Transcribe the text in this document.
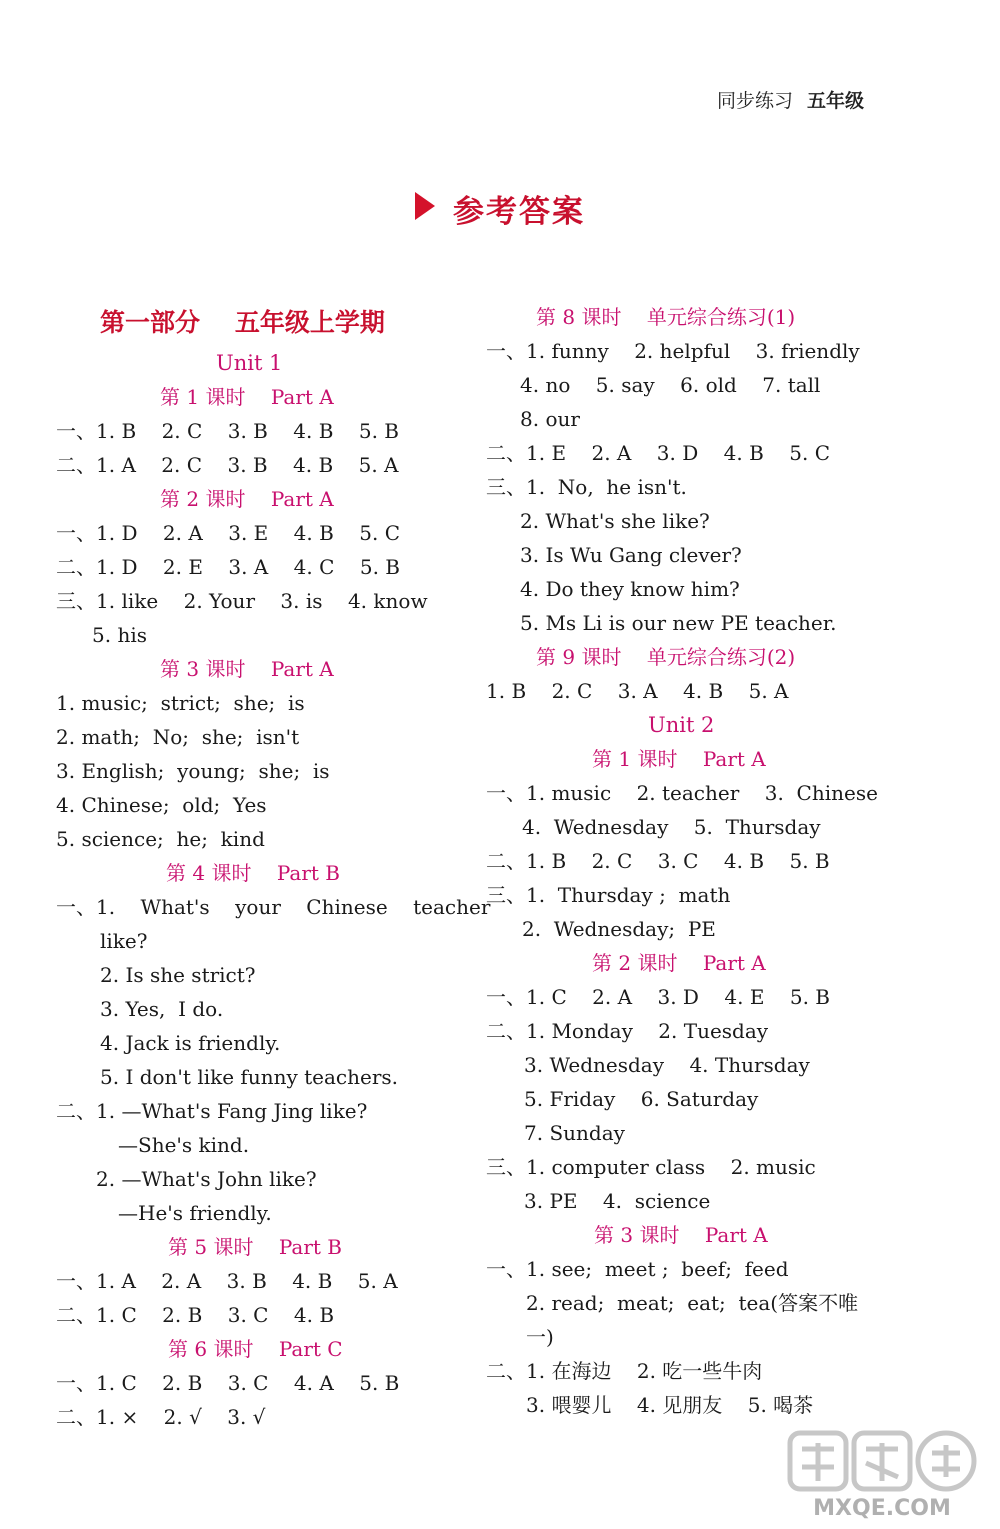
同步练习 五年级
参考答案
第一部分    五年级上学期
Unit 1
第 1 课时    Part A
一、1. B    2. C    3. B    4. B    5. B
二、1. A    2. C    3. B    4. B    5. A
第 2 课时    Part A
一、1. D    2. A    3. E    4. B    5. C
二、1. D    2. E    3. A    4. C    5. B
三、1. like    2. Your    3. is    4. know
5. his
第 3 课时    Part A
1. music;  strict;  she;  is
2. math;  No;  she;  isn't
3. English;  young;  she;  is
4. Chinese;  old;  Yes
5. science;  he;  kind
第 4 课时    Part B
一、1.    What's    your    Chinese    teacher
like?
2. Is she strict?
3. Yes,  I do.
4. Jack is friendly.
5. I don't like funny teachers.
二、1. —What's Fang Jing like?
—She's kind.
2. —What's John like?
—He's friendly.
第 5 课时    Part B
一、1. A    2. A    3. B    4. B    5. A
二、1. C    2. B    3. C    4. B
第 6 课时    Part C
一、1. C    2. B    3. C    4. A    5. B
二、1. ×    2. √    3. √
第 8 课时    单元综合练习(1)
一、1. funny    2. helpful    3. friendly
4. no    5. say    6. old    7. tall
8. our
二、1. E    2. A    3. D    4. B    5. C
三、1.  No,  he isn't.
2. What's she like?
3. Is Wu Gang clever?
4. Do they know him?
5. Ms Li is our new PE teacher.
第 9 课时    单元综合练习(2)
1. B    2. C    3. A    4. B    5. A
Unit 2
第 1 课时    Part A
一、1. music    2. teacher    3.  Chinese
4.  Wednesday    5.  Thursday
二、1. B    2. C    3. C    4. B    5. B
三、1.  Thursday ;  math
2.  Wednesday;  PE
第 2 课时    Part A
一、1. C    2. A    3. D    4. E    5. B
二、1. Monday    2. Tuesday
3. Wednesday    4. Thursday
5. Friday    6. Saturday
7. Sunday
三、1. computer class    2. music
3. PE    4.  science
第 3 课时    Part A
一、1. see;  meet ;  beef;  feed
2. read;  meat;  eat;  tea(答案不唯
一)
二、1. 在海边    2. 吃一些牛肉
3. 喂婴儿    4. 见朋友    5. 喝茶
MXQE.COM
